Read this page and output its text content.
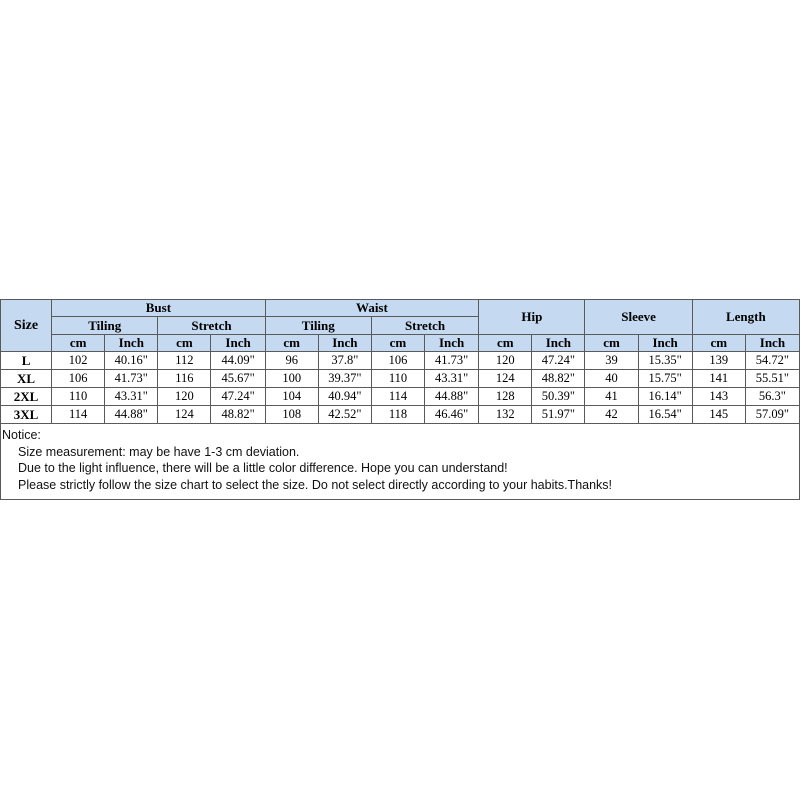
Size	Bust				Waist				Hip		Sleeve		Length	
	Tiling		Stretch		Tiling		Stretch							
	cm	Inch	cm	Inch	cm	Inch	cm	Inch	cm	Inch	cm	Inch	cm	Inch
L	102	40.16"	112	44.09"	96	37.8"	106	41.73"	120	47.24"	39	15.35"	139	54.72"
XL	106	41.73"	116	45.67"	100	39.37"	110	43.31"	124	48.82"	40	15.75"	141	55.51"
2XL	110	43.31"	120	47.24"	104	40.94"	114	44.88"	128	50.39"	41	16.14"	143	56.3"
3XL	114	44.88"	124	48.82"	108	42.52"	118	46.46"	132	51.97"	42	16.54"	145	57.09"
Notice:
Size measurement: may be have 1-3 cm deviation.
Due to the light influence, there will be a little color difference. Hope you can understand!
Please strictly follow the size chart to select the size. Do not select directly according to your habits.Thanks!
